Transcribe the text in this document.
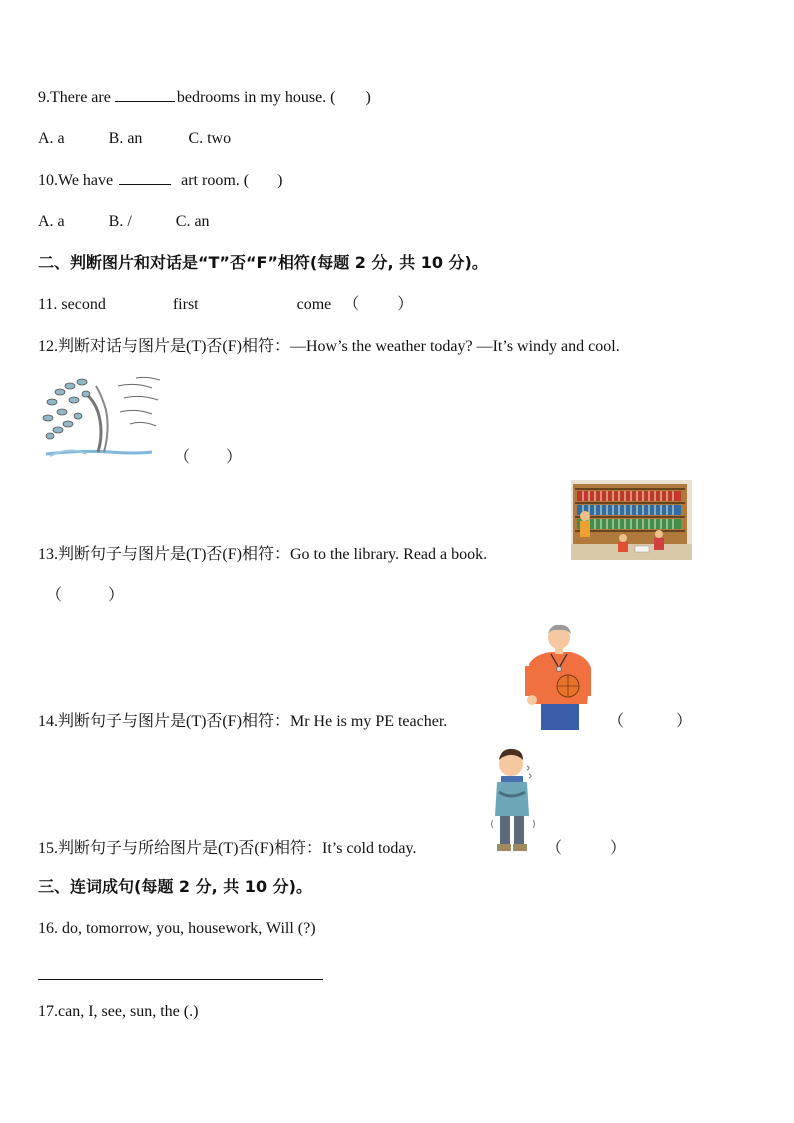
9.There are	bedrooms in my house. ( )
A. a	B. an	C. two
10.We have	art room. ( )
A. a	B. /	C. an
二、判断图片和对话是“T”否“F”相符(每题 2 分, 共 10 分)。
11. second	first	come （ ）
12.判断对话与图片是(T)否(F)相符：—How’s the weather today? —It’s windy and cool.
（ ）
13.判断句子与图片是(T)否(F)相符：Go to the library. Read a book.
（	）
14.判断句子与图片是(T)否(F)相符：Mr He is my PE teacher.	（	）
15.判断句子与所给图片是(T)否(F)相符：It’s cold today.	（	）
三、连词成句(每题 2 分, 共 10 分)。
16. do, tomorrow, you, housework, Will (?)
17.can, I, see, sun, the (.)
